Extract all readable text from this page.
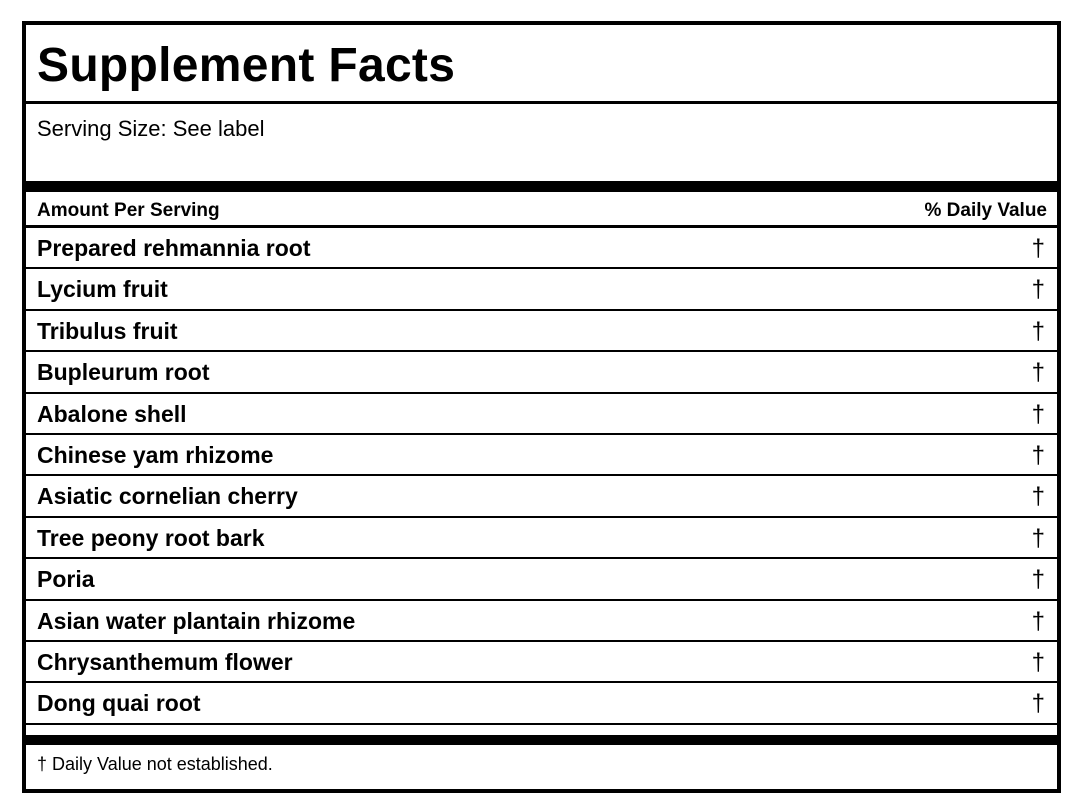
Supplement Facts
Serving Size: See label
Amount Per Serving	% Daily Value
Prepared rehmannia root	†
Lycium fruit	†
Tribulus fruit	†
Bupleurum root	†
Abalone shell	†
Chinese yam rhizome	†
Asiatic cornelian cherry	†
Tree peony root bark	†
Poria	†
Asian water plantain rhizome	†
Chrysanthemum flower	†
Dong quai root	†
† Daily Value not established.
